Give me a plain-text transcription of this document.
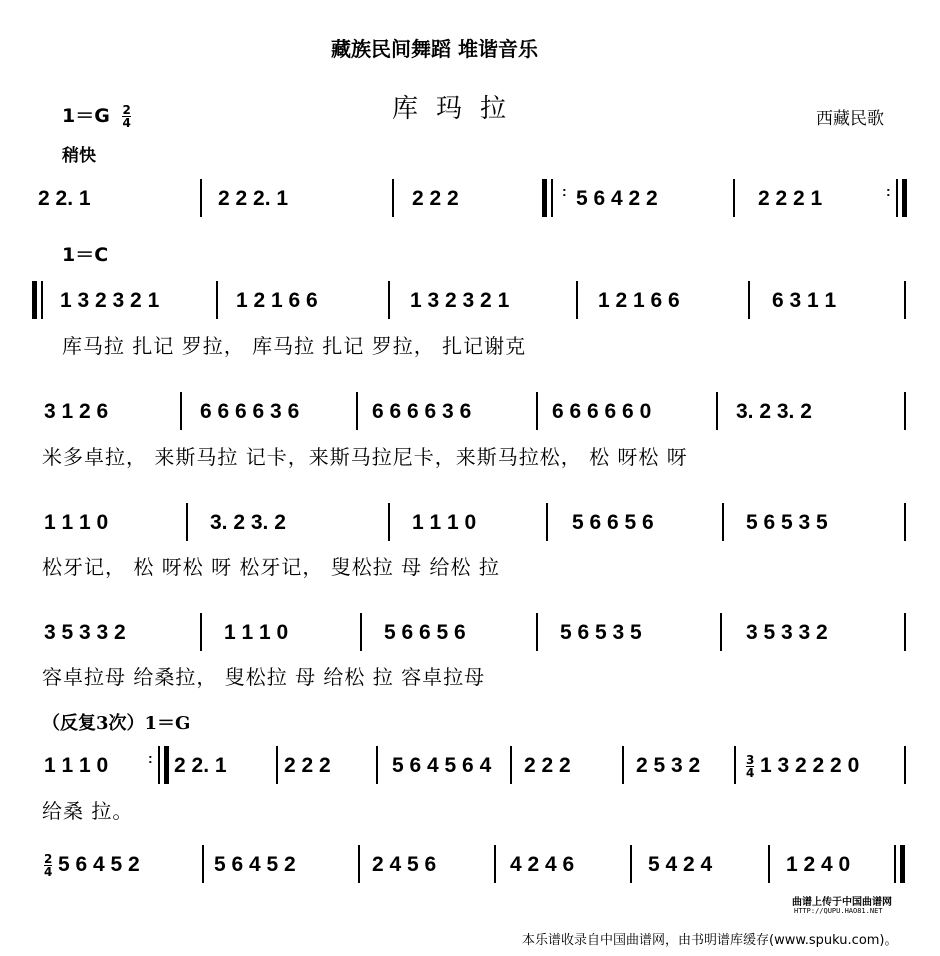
藏族民间舞蹈 堆谐音乐
库玛拉	西藏民歌
$1=G \frac{2}{4}$
稍快
2 2. 1	2 2 2. 1	2 2 2	: 5 6 4 2 2	2 2 2 1	:
1＝C
1 3 2 3 2 1	1 2 1 6 6	1 3 2 3 2 1	1 2 1 6 6	6 3 1 1
库马拉 扎记 罗拉， 库马拉 扎记 罗拉， 扎记谢克
3 1 2 6	6 6 6 6 3 6	6 6 6 6 3 6	6 6 6 6 6 0	3. 2 3. 2
米多卓拉， 来斯马拉 记卡，来斯马拉尼卡，来斯马拉松， 松 呀松 呀
1 1 1 0	3. 2 3. 2	1 1 1 0	5 6 6 5 6	5 6 5 3 5
松牙记， 松 呀松 呀 松牙记， 叟松拉 母 给松 拉
3 5 3 3 2	1 1 1 0	5 6 6 5 6	5 6 5 3 5	3 5 3 3 2
容卓拉母 给桑拉， 叟松拉 母 给松 拉 容卓拉母
（反复3次）1＝G
1 1 1 0	: 2 2. 1	2 2 2	5 6 4 5 6 4 2 2 2	2 5 3 2	$\frac{3}{4} 1$ 3 2 2 2 0
给桑 拉。
$\frac{2}{4} 5$ 6 4 5 2	5 6 4 5 2	2 4 5 6	4 2 4 6	5 4 2 4	1 2 4 0
曲谱上传于中国曲谱网
HTTP://QUPU.HAO81.NET
本乐谱收录自中国曲谱网，由书明谱库缓存(www.spuku.com)。
